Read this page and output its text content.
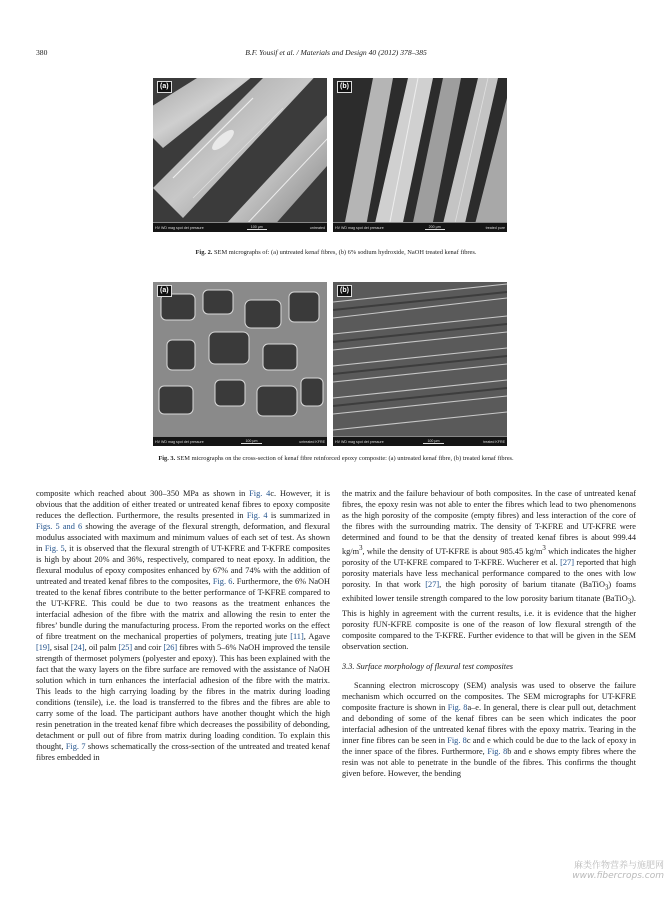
380	B.F. Yousif et al. / Materials and Design 40 (2012) 378–385
(a)
HV WD mag spot det pressure	100 µm	untreated
(b)
HV WD mag spot det pressure	200 µm	treated pure
Fig. 2. SEM micrographs of: (a) untreated kenaf fibres, (b) 6% sodium hydroxide, NaOH treated kenaf fibres.
(a)
HV WD mag spot det pressure	100 µm	untreated KFRE
(b)
HV WD mag spot det pressure	100 µm	treated KFRE
Fig. 3. SEM micrographs on the cross-section of kenaf fibre reinforced epoxy composite: (a) untreated kenaf fibre, (b) treated kenaf fibres.

composite which reached about 300–350 MPa as shown in Fig. 4c. However, it is obvious that the addition of either treated or untreated kenaf fibres to epoxy composite reduces the deflection. Furthermore, the results presented in Fig. 4 is summarized in Figs. 5 and 6 showing the average of the flexural strength, deformation, and flexural modulus associated with maximum and minimum values of each set of test. As shown in Fig. 5, it is observed that the flexural strength of UT-KFRE and T-KFRE composites is high by about 20% and 36%, respectively, compared to neat epoxy. In addition, the flexural modulus of epoxy composites enhanced by 67% and 74% with the addition of untreated and treated kenaf fibres to the composites, Fig. 6. Furthermore, the 6% NaOH treated to the kenaf fibres contribute to the better performance of T-KFRE compared to the UT-KFRE. This could be due to two reasons as the treatment enhances the interfacial adhesion of the fibre with the matrix and allowing the resin to enter the fibres’ bundle during the manufacturing process. From the reported works on the effect of fibre treatment on the mechanical properties of polymers, treating jute [11], Agave [19], sisal [24], oil palm [25] and coir [26] fibres with 5–6% NaOH improved the tensile strength of thermoset polymers (polyester and epoxy). This has been explained with the fact that the waxy layers on the fibre surface are removed with the assistance of NaOH solution which in turn enhances the interfacial adhesion of the fibre with the matrix. This leads to the high carrying loading by the fibres in the matrix during loading conditions (tensile), i.e. the load is transferred to the fibres and the fibres are able to carry some of the load. The participant authors have another thought which the high resin penetration in the treated kenaf fibre which decreases the possibility of debonding, detachment or pull out of fibre from matrix during loading condition. To explain this thought, Fig. 7 shows schematically the cross-section of the untreated and treated kenaf fibres embedded in

the matrix and the failure behaviour of both composites. In the case of untreated kenaf fibres, the epoxy resin was not able to enter the fibres which lead to two phenomenons as the high porosity of the composite (empty fibres) and less interaction of the core of the fibres with the surrounding matrix. The density of T-KFRE and UT-KFRE were determined and found to be that the density of treated kenaf fibres is about 999.44 $kg/m^3$, while the density of UT-KFRE is about 985.45 $kg/m^3$ which indicates the higher porosity of the UT-KFRE compared to T-KFRE. Wucherer et al. [27] reported that high porosity materials have less mechanical performance compared to the ones with low porosity. In that work [27], the high porosity of barium titanate (BaTiO$_3$) foams exhibited lower tensile strength compared to the low porosity barium titanate (BaTiO$_3$). This is highly in agreement with the current results, i.e. it is evidence that the higher porosity fUN-KFRE composite is one of the reason of low flexural strength of the composite compared to the T-KFRE. Further evidence to that will be given in the SEM observation section.

3.3. Surface morphology of flexural test composites

Scanning electron microscopy (SEM) analysis was used to observe the failure mechanism which occurred on the composites. The SEM micrographs for UT-KFRE composite fracture is shown in Fig. 8a–e. In general, there is clear pull out, detachment and debonding of some of the kenaf fibres can be seen which indicates the poor interfacial adhesion of the untreated kenaf fibres with the epoxy matrix. Tearing in the inner fine fibres can be seen in Fig. 8c and e which could be due to the lack of epoxy in the inner space of the fibres. Furthermore, Fig. 8b and e shows empty fibres where the resin was not able to penetrate in the bundle of the fibres. This confirms the thought given before. However, the bending

麻类作物营养与施肥网
www.fibercrops.com
